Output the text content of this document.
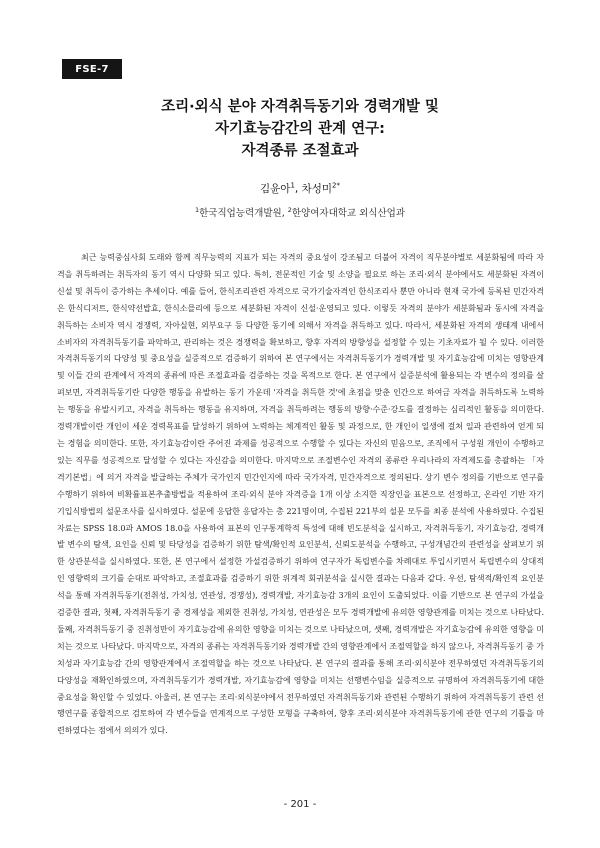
FSE-7
조리·외식 분야 자격취득동기와 경력개발 및
자기효능감간의 관계 연구:
자격종류 조절효과
김윤아$^1$, 차성미$^{2*}$
$^1$한국직업능력개발원, $^2$한양여자대학교 외식산업과

최근 능력중심사회 도래와 함께 직무능력의 지표가 되는 자격의 중요성이 강조됨고 더불어 자격이 직무분야별로 세분화됨에 따라 자격을 취득하려는 취득자의 동기 역시 다양화 되고 있다. 특히, 전문적인 기술 및 소양을 필요로 하는 조리·외식 분야에서도 세분화된 자격이 신설 및 취득이 증가하는 추세이다. 예를 들어, 한식조리관련 자격으로 국가기술자격인 한식조리사 뿐만 아니라 현재 국가에 등록된 민간자격은 한식디저트, 한식약선밥효, 한식소믈리에 등으로 세분화된 자격이 신설·운영되고 있다. 이렇듯 자격의 분야가 세분화됨과 동시에 자격을 취득하는 소비자 역시 경쟁력, 자아실현, 외부요구 등 다양한 동기에 의해서 자격을 취득하고 있다. 따라서, 세분화된 자격의 생태계 내에서 소비자의 자격취득동기를 파악하고, 관리하는 것은 경쟁력을 확보하고, 향후 자격의 방향성을 설정할 수 있는 기초자료가 될 수 있다. 이러한 자격취득동기의 다양성 및 중요성을 실증적으로 검증하기 위하여 본 연구에서는 자격취득동기가 경력개발 및 자기효능감에 미치는 영향관계 및 이들 간의 관계에서 자격의 종류에 따른 조절효과를 검증하는 것을 목적으로 한다. 본 연구에서 실증분석에 활용되는 각 변수의 정의를 살펴보면, 자격취득동기란 다양한 행동을 유발하는 동기 가운데 '자격을 취득한 것'에 초점을 맞춘 인간으로 하여금 자격을 취득하도록 노력하는 행동을 유발시키고, 자격을 취득하는 행동을 유지하며, 자격을 취득하려는 행동의 방향·수준·강도를 결정하는 심리적인 활동을 의미한다. 경력개발이란 개인이 세운 경력목표를 달성하기 위하여 노력하는 체계적인 활동 및 과정으로, 한 개인이 일생에 걸쳐 일과 관련하여 얻게 되는 경험을 의미한다. 또한, 자기효능감이란 주어진 과제를 성공적으로 수행할 수 있다는 자신의 믿음으로, 조직에서 구성원 개인이 수행하고 있는 직무를 성공적으로 달성할 수 있다는 자신감을 의미한다. 마지막으로 조절변수인 자격의 종류란 우리나라의 자격제도를 총괄하는 「자격기본법」에 의거 자격을 발급하는 주체가 국가인지 민간인지에 따라 국가자격, 민간자격으로 정의된다. 상기 변수 정의를 기반으로 연구를 수행하기 위하여 비확률표본추출방법을 적용하여 조리·외식 분야 자격증을 1개 이상 소지한 직장인을 표본으로 선정하고, 온라인 기반 자기기입식방법의 설문조사를 실시하였다. 설문에 응답한 응답자는 총 221명이며, 수집된 221부의 설문 모두를 최종 분석에 사용하였다. 수집된 자료는 SPSS 18.0과 AMOS 18.0을 사용하여 표본의 인구통계학적 특성에 대해 빈도분석을 실시하고, 자격취득동기, 자기효능감, 경력개발 변수의 탐색, 요인을 신뢰 및 타당성을 검증하기 위한 탐색/확인적 요인분석, 신뢰도분석을 수행하고, 구성개념간의 관련성을 살펴보기 위한 상관분석을 실시하였다. 또한, 본 연구에서 설정한 가설검증하기 위하여 연구자가 독립변수를 차례대로 투입시키면서 독립변수의 상대적인 영향력의 크기를 순대로 파악하고, 조절효과를 검증하기 위한 위계적 회귀분석을 실시한 결과는 다음과 같다. 우선, 탐색적/확인적 요인분석을 통해 자격취득동기(전취성, 가치성, 연관성, 경쟁성), 경력개발, 자기효능감 3개의 요인이 도출되었다. 이를 기반으로 본 연구의 가설을 검증한 결과, 첫째, 자격취득동기 중 경제성을 제외한 진취성, 가치성, 연관성은 모두 경력개발에 유의한 영향관계를 미치는 것으로 나타났다. 둘째, 자격취득동기 중 진취성만이 자기효능감에 유의한 영향을 미치는 것으로 나타났으며, 셋째, 경력개발은 자기효능감에 유의한 영향을 미치는 것으로 나타났다. 마지막으로, 자격의 종류는 자격취득동기와 경력개발 간의 영향관계에서 조절역할을 하지 않으나, 자격취득동기 중 가치성과 자기효능감 간의 영향관계에서 조절역할을 하는 것으로 나타났다. 본 연구의 결과를 통해 조리·외식분야 전무하였던 자격취득동기의 다양성을 재확인하였으며, 자격취득동기가 경력개발, 자기효능감에 영향을 미치는 선행변수임을 실증적으로 규명하여 자격취득동기에 대한 중요성을 확인할 수 있었다. 아울러, 본 연구는 조리·외식분야에서 전무하였던 자격취득동기와 관련된 수행하기 위하여 자격취득동기 관련 선행연구를 종합적으로 검토하여 각 변수들을 연계적으로 구성한 모형을 구축하여, 향후 조리·외식분야 자격취득동기에 관한 연구의 기틀을 마련하였다는 점에서 의의가 있다.

- 201 -
